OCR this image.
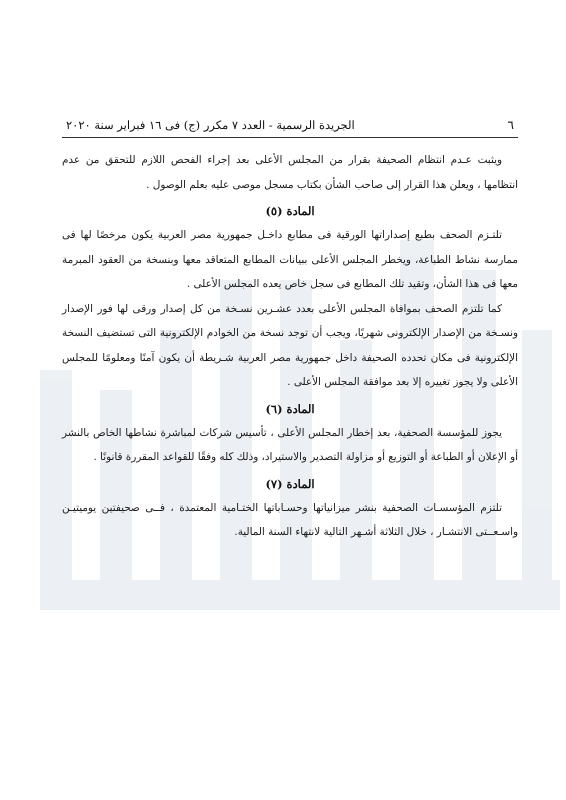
٦
الجريدة الرسمية - العدد ٧ مكرر (ج) فى ١٦ فبراير سنة ٢٠٢٠

ويثبت عـدم انتظام الصحيفة بقرار من المجلس الأعلى بعد إجراء الفحص اللازم للتحقق من عدم انتظامها ، ويعلن هذا القرار إلى صاحب الشأن بكتاب مسجل موصى عليه بعلم الوصول .

المادة (٥)

تلتـزم الصحف بطبع إصداراتها الورقية فى مطابع داخـل جمهورية مصر العربية يكون مرخصًا لها فى ممارسة نشاط الطباعة، ويخطر المجلس الأعلى ببيانات المطابع المتعاقد معها وبنسخة من العقود المبرمة معها فى هذا الشأن، وتقيد تلك المطابع فى سجل خاص يعده المجلس الأعلى .

كما تلتزم الصحف بموافاة المجلس الأعلى بعدد عشـرين نسـخة من كل إصدار ورقى لها فور الإصدار ونسـخة من الإصدار الإلكترونى شهريًا، ويجب أن توجد نسخة من الخوادم الإلكترونية التى تستضيف النسخة الإلكترونية فى مكان تحدده الصحيفة داخل جمهورية مصر العربية شـريطة أن يكون آمنًا ومعلومًا للمجلس الأعلى ولا يجوز تغييره إلا بعد موافقة المجلس الأعلى .

المادة (٦)

يجوز للمؤسسة الصحفية، بعد إخطار المجلس الأعلى ، تأسيس شركات لمباشرة نشاطها الخاص بالنشر أو الإعلان أو الطباعة أو التوزيع أو مزاولة التصدير والاستيراد، وذلك كله وفقًا للقواعد المقررة قانونًا .

المادة (٧)

تلتزم المؤسسـات الصحفية بنشر ميزانياتها وحسـاباتها الختـامية المعتمدة ، فــى صحيفتين يوميتيـن واسـعــتى الانتشـار ، خلال الثلاثة أشـهر التالية لانتهاء السنة المالية.
